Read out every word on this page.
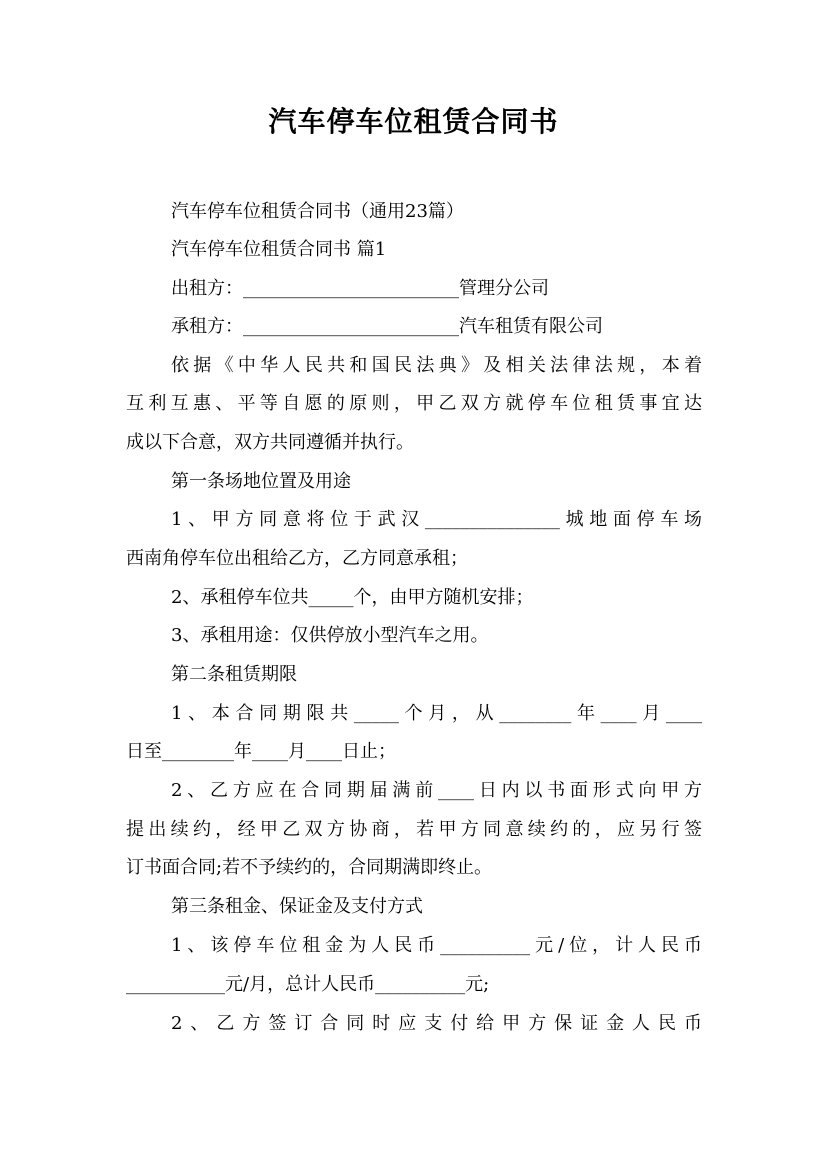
汽车停车位租赁合同书
汽车停车位租赁合同书（通用23篇）
汽车停车位租赁合同书 篇1
出租方：________________________管理分公司
承租方：________________________汽车租赁有限公司
依据《中华人民共和国民法典》及相关法律法规，本着
互利互惠、平等自愿的原则，甲乙双方就停车位租赁事宜达
成以下合意，双方共同遵循并执行。
第一条场地位置及用途
1、甲方同意将位于武汉_______________城地面停车场
西南角停车位出租给乙方，乙方同意承租；
2、承租停车位共_____个，由甲方随机安排；
3、承租用途：仅供停放小型汽车之用。
第二条租赁期限
1、本合同期限共_____个月，从________年____月____
日至________年____月____日止；
2、乙方应在合同期届满前____日内以书面形式向甲方
提出续约，经甲乙双方协商，若甲方同意续约的，应另行签
订书面合同;若不予续约的，合同期满即终止。
第三条租金、保证金及支付方式
1、该停车位租金为人民币__________元/位，计人民币
___________元/月，总计人民币__________元;
2、乙方签订合同时应支付给甲方保证金人民币
